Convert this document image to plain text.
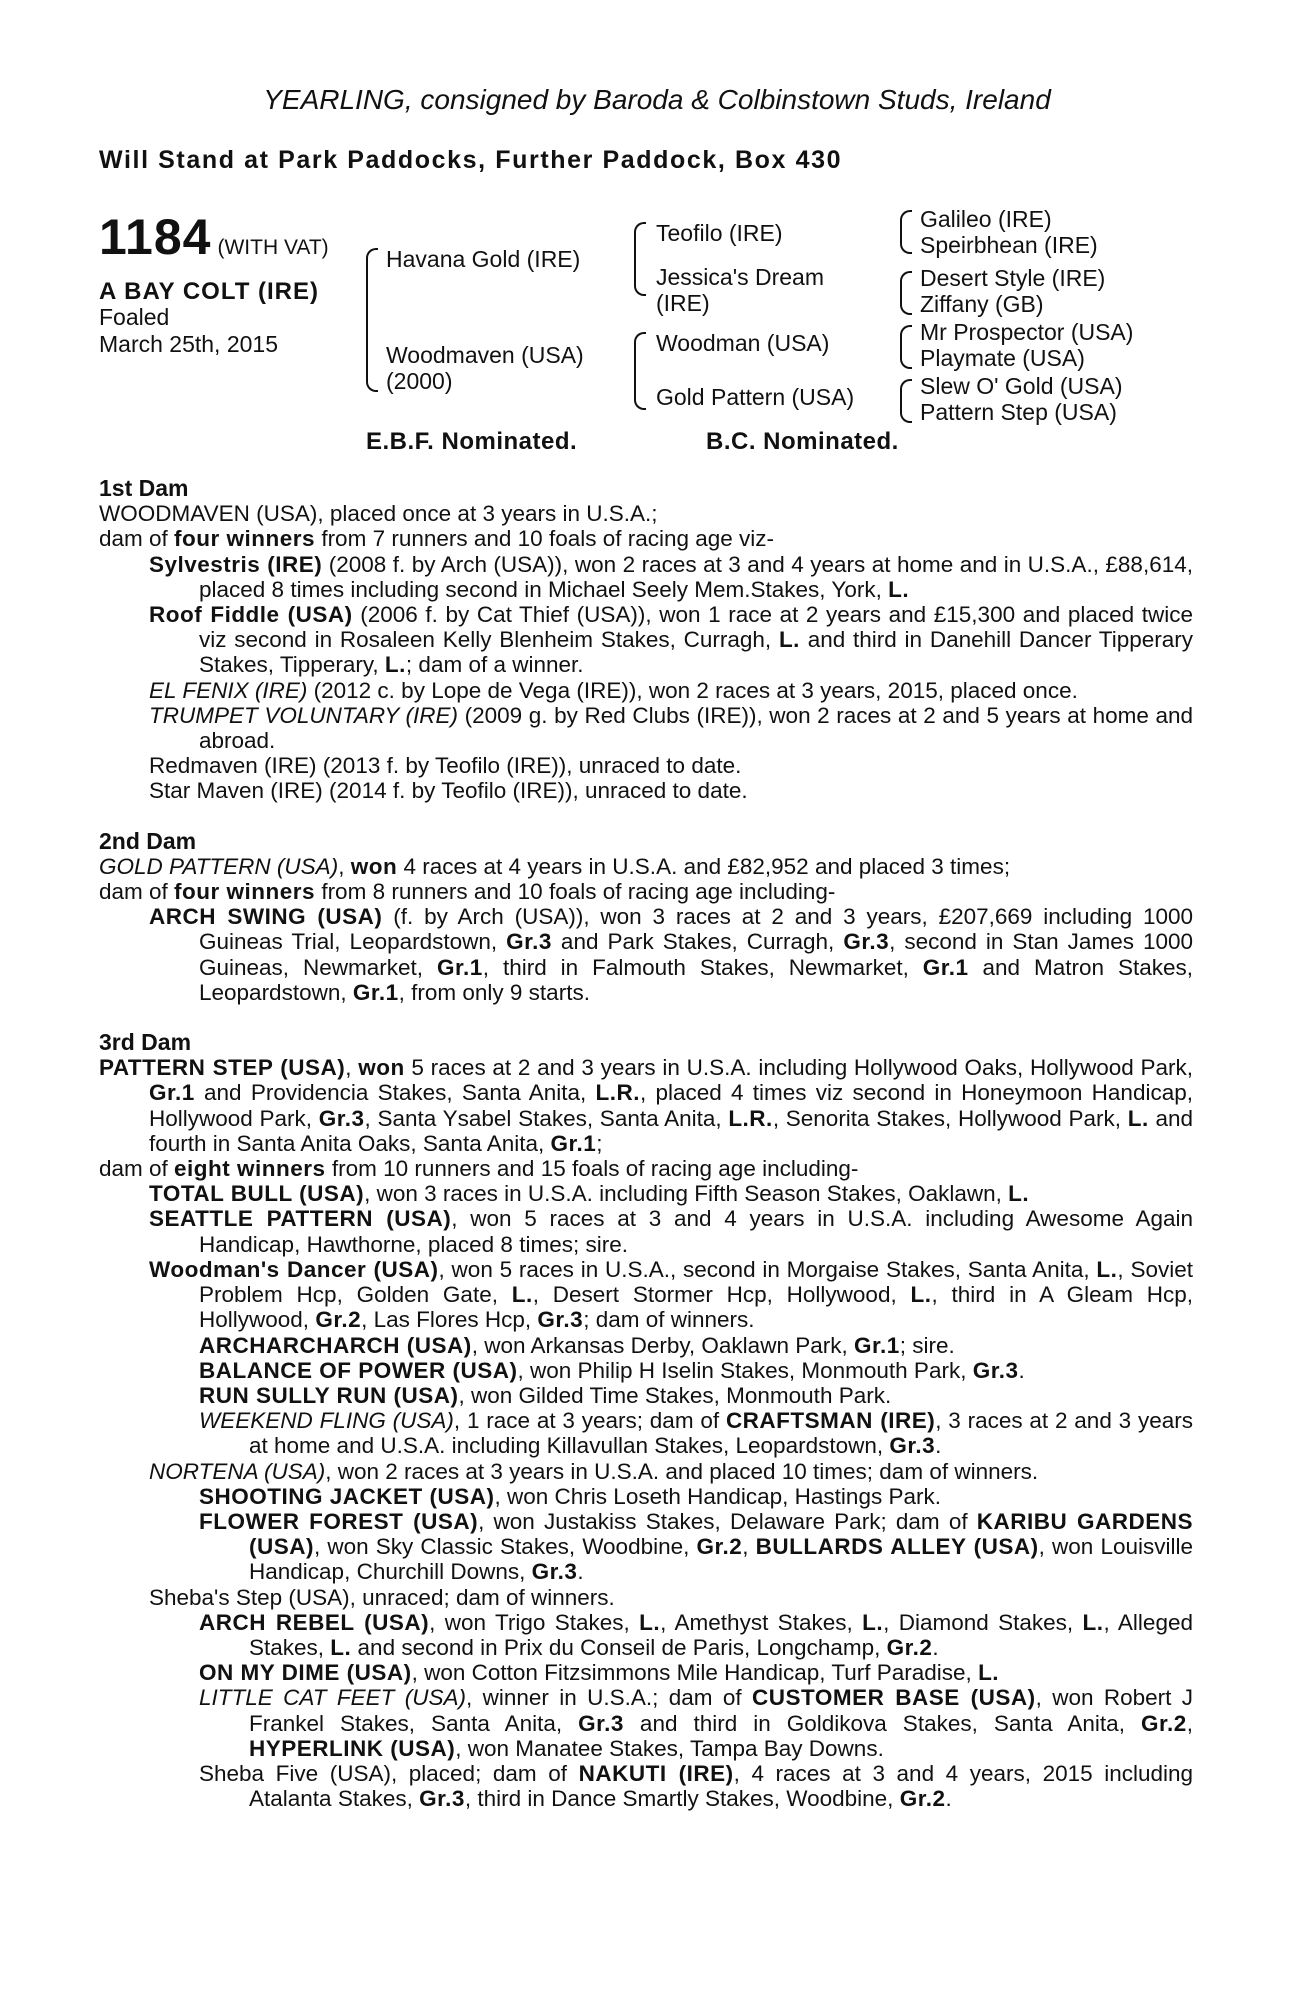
YEARLING, consigned by Baroda & Colbinstown Studs, Ireland
Will Stand at Park Paddocks, Further Paddock, Box 430
1184 (WITH VAT)
A BAY COLT (IRE)
Foaled
March 25th, 2015
Havana Gold (IRE)
Woodmaven (USA)
(2000)
Teofilo (IRE)
Jessica's Dream
(IRE)
Woodman (USA)
Gold Pattern (USA)
Galileo (IRE)
Speirbhean (IRE)
Desert Style (IRE)
Ziffany (GB)
Mr Prospector (USA)
Playmate (USA)
Slew O' Gold (USA)
Pattern Step (USA)
E.B.F. Nominated.	B.C. Nominated.
1st Dam
WOODMAVEN (USA), placed once at 3 years in U.S.A.;
dam of four winners from 7 runners and 10 foals of racing age viz-
Sylvestris (IRE) (2008 f. by Arch (USA)), won 2 races at 3 and 4 years at home and in U.S.A., £88,614, placed 8 times including second in Michael Seely Mem.Stakes, York, L.
Roof Fiddle (USA) (2006 f. by Cat Thief (USA)), won 1 race at 2 years and £15,300 and placed twice viz second in Rosaleen Kelly Blenheim Stakes, Curragh, L. and third in Danehill Dancer Tipperary Stakes, Tipperary, L.; dam of a winner.
EL FENIX (IRE) (2012 c. by Lope de Vega (IRE)), won 2 races at 3 years, 2015, placed once.
TRUMPET VOLUNTARY (IRE) (2009 g. by Red Clubs (IRE)), won 2 races at 2 and 5 years at home and abroad.
Redmaven (IRE) (2013 f. by Teofilo (IRE)), unraced to date.
Star Maven (IRE) (2014 f. by Teofilo (IRE)), unraced to date.
2nd Dam
GOLD PATTERN (USA), won 4 races at 4 years in U.S.A. and £82,952 and placed 3 times;
dam of four winners from 8 runners and 10 foals of racing age including-
ARCH SWING (USA) (f. by Arch (USA)), won 3 races at 2 and 3 years, £207,669 including 1000 Guineas Trial, Leopardstown, Gr.3 and Park Stakes, Curragh, Gr.3, second in Stan James 1000 Guineas, Newmarket, Gr.1, third in Falmouth Stakes, Newmarket, Gr.1 and Matron Stakes, Leopardstown, Gr.1, from only 9 starts.
3rd Dam
PATTERN STEP (USA), won 5 races at 2 and 3 years in U.S.A. including Hollywood Oaks, Hollywood Park, Gr.1 and Providencia Stakes, Santa Anita, L.R., placed 4 times viz second in Honeymoon Handicap, Hollywood Park, Gr.3, Santa Ysabel Stakes, Santa Anita, L.R., Senorita Stakes, Hollywood Park, L. and fourth in Santa Anita Oaks, Santa Anita, Gr.1;
dam of eight winners from 10 runners and 15 foals of racing age including-
TOTAL BULL (USA), won 3 races in U.S.A. including Fifth Season Stakes, Oaklawn, L.
SEATTLE PATTERN (USA), won 5 races at 3 and 4 years in U.S.A. including Awesome Again Handicap, Hawthorne, placed 8 times; sire.
Woodman's Dancer (USA), won 5 races in U.S.A., second in Morgaise Stakes, Santa Anita, L., Soviet Problem Hcp, Golden Gate, L., Desert Stormer Hcp, Hollywood, L., third in A Gleam Hcp, Hollywood, Gr.2, Las Flores Hcp, Gr.3; dam of winners.
ARCHARCHARCH (USA), won Arkansas Derby, Oaklawn Park, Gr.1; sire.
BALANCE OF POWER (USA), won Philip H Iselin Stakes, Monmouth Park, Gr.3.
RUN SULLY RUN (USA), won Gilded Time Stakes, Monmouth Park.
WEEKEND FLING (USA), 1 race at 3 years; dam of CRAFTSMAN (IRE), 3 races at 2 and 3 years at home and U.S.A. including Killavullan Stakes, Leopardstown, Gr.3.
NORTENA (USA), won 2 races at 3 years in U.S.A. and placed 10 times; dam of winners.
SHOOTING JACKET (USA), won Chris Loseth Handicap, Hastings Park.
FLOWER FOREST (USA), won Justakiss Stakes, Delaware Park; dam of KARIBU GARDENS (USA), won Sky Classic Stakes, Woodbine, Gr.2, BULLARDS ALLEY (USA), won Louisville Handicap, Churchill Downs, Gr.3.
Sheba's Step (USA), unraced; dam of winners.
ARCH REBEL (USA), won Trigo Stakes, L., Amethyst Stakes, L., Diamond Stakes, L., Alleged Stakes, L. and second in Prix du Conseil de Paris, Longchamp, Gr.2.
ON MY DIME (USA), won Cotton Fitzsimmons Mile Handicap, Turf Paradise, L.
LITTLE CAT FEET (USA), winner in U.S.A.; dam of CUSTOMER BASE (USA), won Robert J Frankel Stakes, Santa Anita, Gr.3 and third in Goldikova Stakes, Santa Anita, Gr.2, HYPERLINK (USA), won Manatee Stakes, Tampa Bay Downs.
Sheba Five (USA), placed; dam of NAKUTI (IRE), 4 races at 3 and 4 years, 2015 including Atalanta Stakes, Gr.3, third in Dance Smartly Stakes, Woodbine, Gr.2.
